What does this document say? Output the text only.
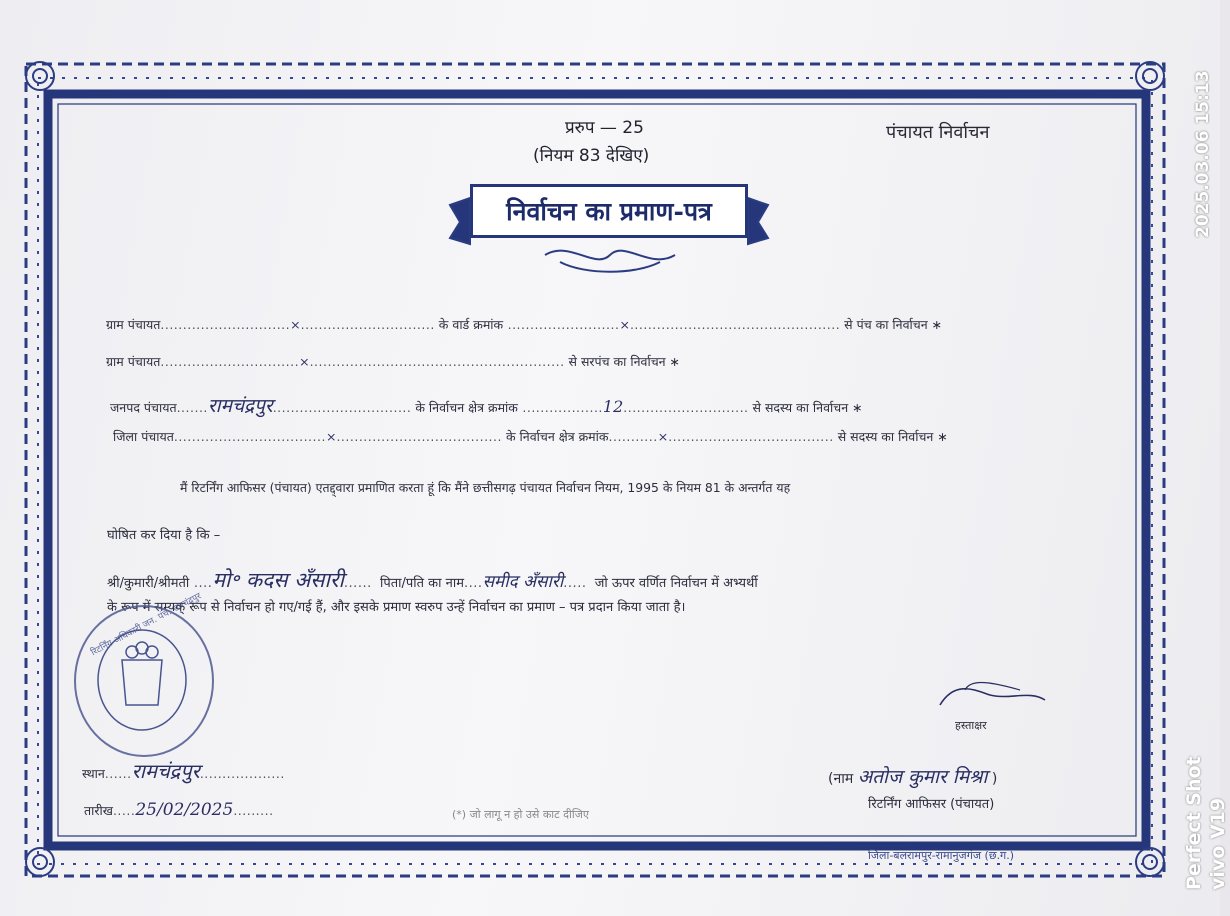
प्ररुप — 25
(नियम 83 देखिए)
पंचायत निर्वाचन
निर्वाचन का प्रमाण-पत्र
ग्राम पंचायत.............................×.............................. के वार्ड क्रमांक .........................×............................................... से पंच का निर्वाचन ∗
ग्राम पंचायत...............................×......................................................... से सरपंच का निर्वाचन ∗
जनपद पंचायत.......रामचंद्रपुर............................... के निर्वाचन क्षेत्र क्रमांक ..................12............................ से सदस्य का निर्वाचन ∗
जिला पंचायत..................................×..................................... के निर्वाचन क्षेत्र क्रमांक...........×..................................... से सदस्य का निर्वाचन ∗
मैं रिटर्निंग आफिसर (पंचायत) एतद्द्वारा प्रमाणित करता हूं कि मैंने छत्तीसगढ़ पंचायत निर्वाचन नियम, 1995 के नियम 81 के अन्तर्गत यह
घोषित कर दिया है कि –
श्री/कुमारी/श्रीमती ....मो॰ कदस अँसारी...... पिता/पति का नाम....समीद अँसारी..... जो ऊपर वर्णित निर्वाचन में अभ्यर्थी
के रूप में सम्यक् रूप से निर्वाचन हो गए/गई हैं, और इसके प्रमाण स्वरुप उन्हें निर्वाचन का प्रमाण – पत्र प्रदान किया जाता है।
रिटर्निंग अधिकारी जन. पंच. रामचंद्रपुर
स्थान......रामचंद्रपुर...................
तारीख.....25/02/2025.........	(*) जो लागू न हो उसे काट दीजिए
हस्ताक्षर
(नाम अतोज कुमार मिश्रा )
रिटर्निंग आफिसर (पंचायत)
जिला-बलरामपुर-रामानुजगंज (छ.ग.)	Perfect Shot vivo V19
2025.03.06 15:13
